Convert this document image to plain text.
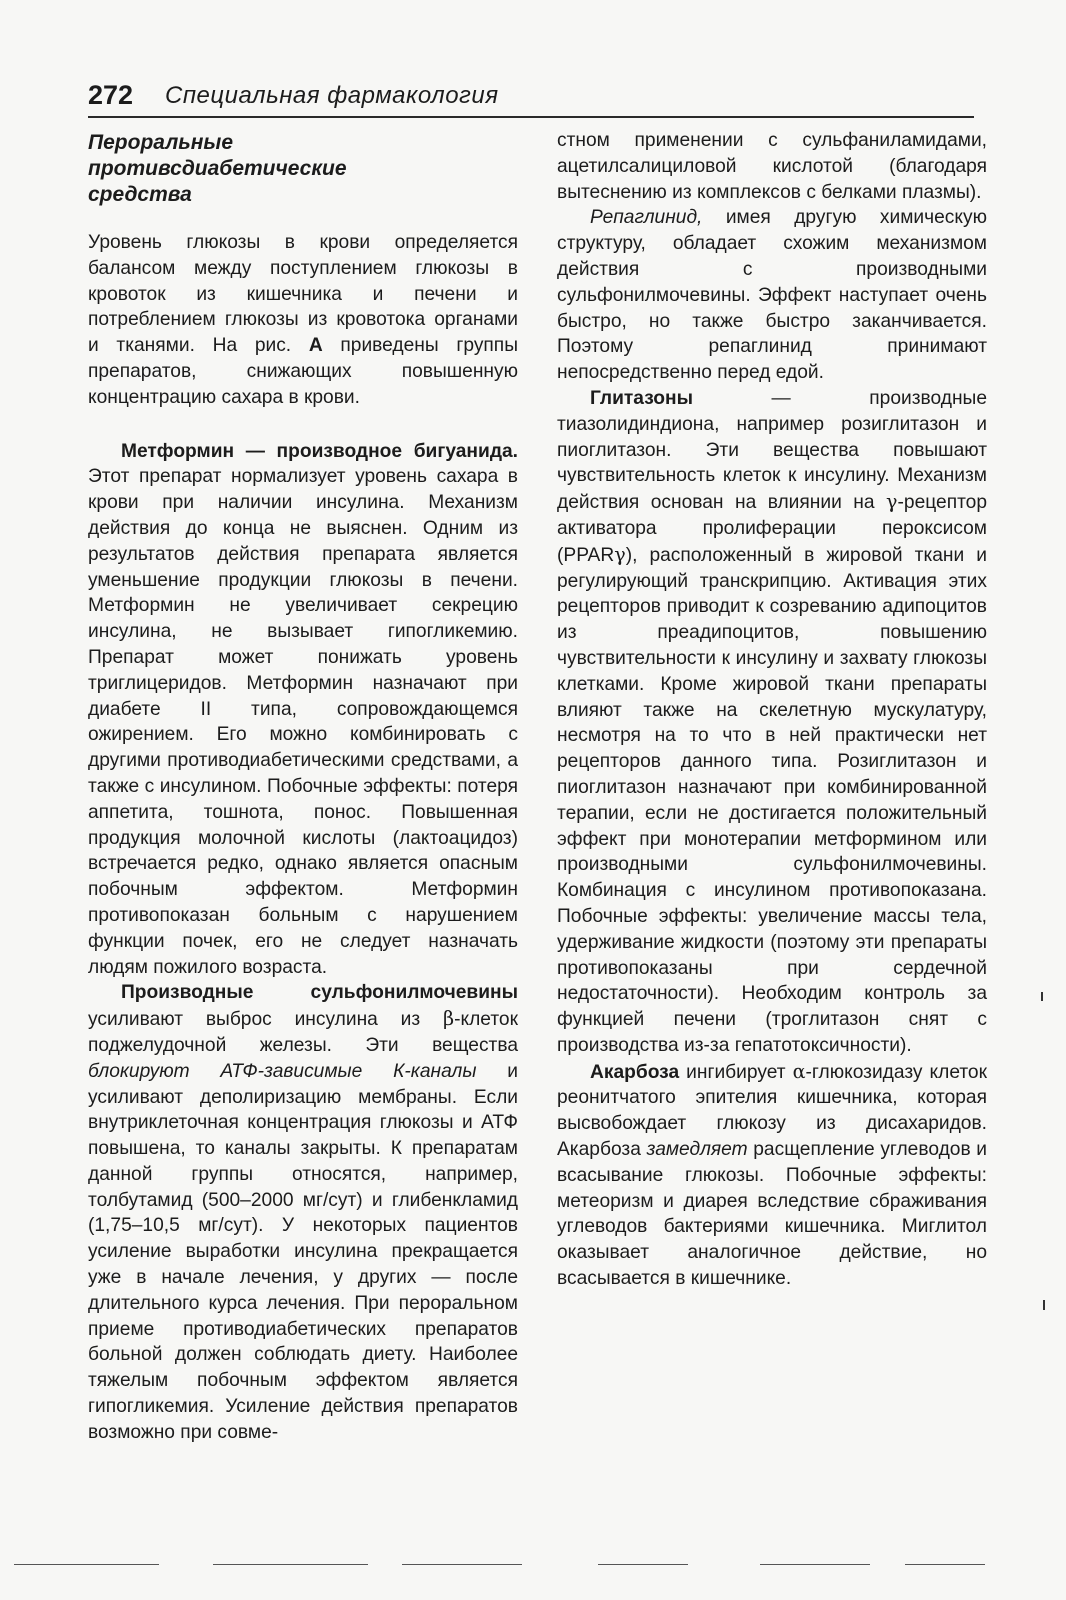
272 Специальная фармакология
Пероральные
противсдиабетические
средства

Уровень глюкозы в крови определяется балансом между поступлением глюкозы в кровоток из кишечника и печени и потреблением глюкозы из кровотока органами и тканями. На рис. А приведены группы препаратов, снижающих повышенную концентрацию сахара в крови.

Метформин — производное бигуанида. Этот препарат нормализует уровень сахара в крови при наличии инсулина. Механизм действия до конца не выяснен. Одним из результатов действия препарата является уменьшение продукции глюкозы в печени. Метформин не увеличивает секрецию инсулина, не вызывает гипогликемию. Препарат может понижать уровень триглицеридов. Метформин назначают при диабете II типа, сопровождающемся ожирением. Его можно комбинировать с другими противодиабетическими средствами, а также с инсулином. Побочные эффекты: потеря аппетита, тошнота, понос. Повышенная продукция молочной кислоты (лактоацидоз) встречается редко, однако является опасным побочным эффектом. Метформин противопоказан больным с нарушением функции почек, его не следует назначать людям пожилого возраста.

Производные сульфонилмочевины усиливают выброс инсулина из β-клеток поджелудочной железы. Эти вещества блокируют АТФ-зависимые К-каналы и усиливают деполиризацию мембраны. Если внутриклеточная концентрация глюкозы и АТФ повышена, то каналы закрыты. К препаратам данной группы относятся, например, толбутамид (500–2000 мг/сут) и глибенкламид (1,75–10,5 мг/сут). У некоторых пациентов усиление выработки инсулина прекращается уже в начале лечения, у других — после длительного курса лечения. При пероральном приеме противодиабетических препаратов больной должен соблюдать диету. Наиболее тяжелым побочным эффектом является гипогликемия. Усиление действия препаратов возможно при совме-

стном применении с сульфаниламидами, ацетилсалициловой кислотой (благодаря вытеснению из комплексов с белками плазмы).

Репаглинид, имея другую химическую структуру, обладает схожим механизмом действия с производными сульфонилмочевины. Эффект наступает очень быстро, но также быстро заканчивается. Поэтому репаглинид принимают непосредственно перед едой.

Глитазоны	— производные тиазолидиндиона, например розиглитазон и пиоглитазон. Эти вещества повышают чувствительность клеток к инсулину. Механизм действия основан на влиянии на γ-рецептор активатора пролиферации пероксисом (PPARγ), расположенный в жировой ткани и регулирующий транскрипцию. Активация этих рецепторов приводит к созреванию адипоцитов из преадипоцитов, повышению чувствительности к инсулину и захвату глюкозы клетками. Кроме жировой ткани препараты влияют также на скелетную мускулатуру, несмотря на то что в ней практически нет рецепторов данного типа. Розиглитазон и пиоглитазон назначают при комбинированной терапии, если не достигается положительный эффект при монотерапии метформином или производными сульфонилмочевины. Комбинация с инсулином противопоказана. Побочные эффекты: увеличение массы тела, удерживание жидкости (поэтому эти препараты противопоказаны при сердечной недостаточности). Необходим контроль за функцией печени (троглитазон снят с производства из-за гепатотоксичности).

Акарбоза ингибирует α-глюкозидазу клеток реонитчатого эпителия кишечника, которая высвобождает глюкозу из дисахаридов. Акарбоза замедляет расщепление углеводов и всасывание глюкозы. Побочные эффекты: метеоризм и диарея вследствие сбраживания углеводов бактериями кишечника. Миглитол оказывает аналогичное действие, но всасывается в кишечнике.
